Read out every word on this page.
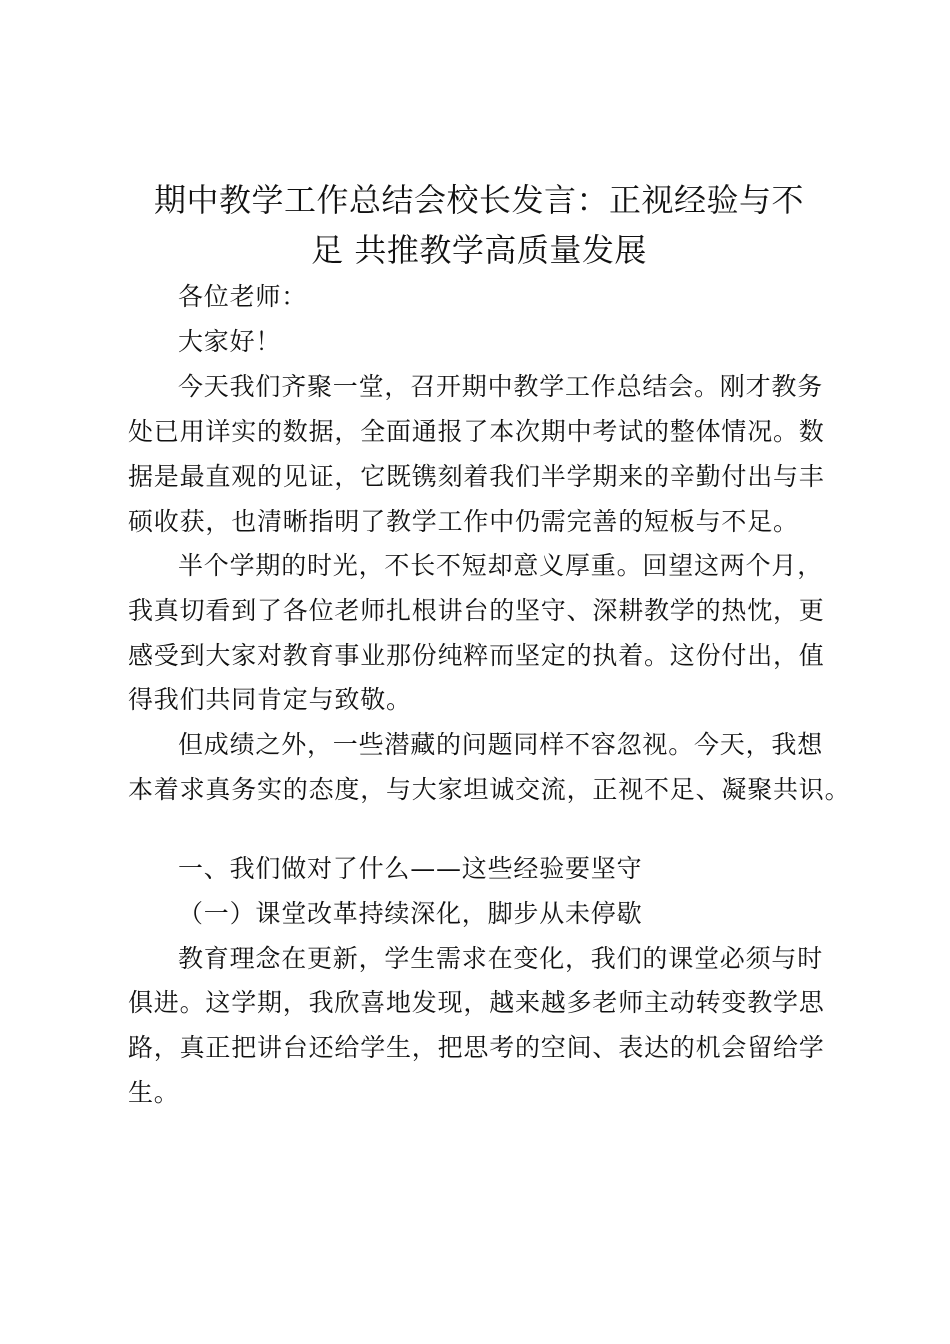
期中教学工作总结会校长发言：正视经验与不
足 共推教学高质量发展
各位老师：
大家好！
今天我们齐聚一堂，召开期中教学工作总结会。刚才教务
处已用详实的数据，全面通报了本次期中考试的整体情况。数
据是最直观的见证，它既镌刻着我们半学期来的辛勤付出与丰
硕收获，也清晰指明了教学工作中仍需完善的短板与不足。
半个学期的时光，不长不短却意义厚重。回望这两个月，
我真切看到了各位老师扎根讲台的坚守、深耕教学的热忱，更
感受到大家对教育事业那份纯粹而坚定的执着。这份付出，值
得我们共同肯定与致敬。
但成绩之外，一些潜藏的问题同样不容忽视。今天，我想
本着求真务实的态度，与大家坦诚交流，正视不足、凝聚共识。
一、我们做对了什么——这些经验要坚守
（一）课堂改革持续深化，脚步从未停歇
教育理念在更新，学生需求在变化，我们的课堂必须与时
俱进。这学期，我欣喜地发现，越来越多老师主动转变教学思
路，真正把讲台还给学生，把思考的空间、表达的机会留给学
生。
